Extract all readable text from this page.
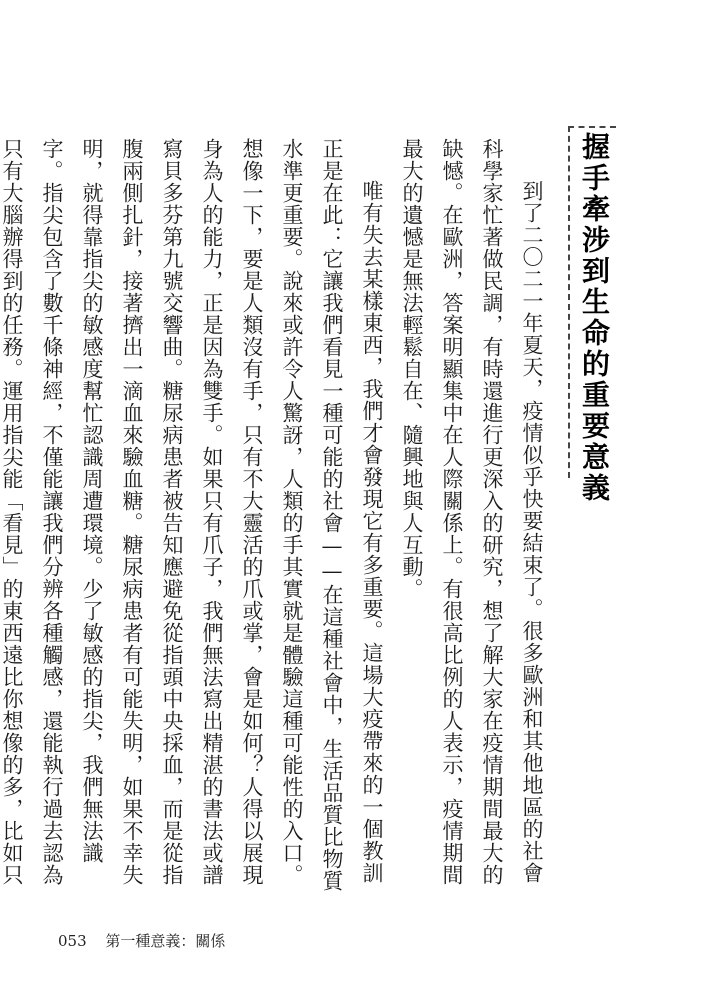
握手牽涉到生命的重要意義

到了二〇二一年夏天，疫情似乎快要結束了。很多歐洲和其他地區的社會科學家忙著做民調，有時還進行更深入的研究，想了解大家在疫情期間最大的缺憾。在歐洲，答案明顯集中在人際關係上。有很高比例的人表示，疫情期間最大的遺憾是無法輕鬆自在、隨興地與人互動。

唯有失去某樣東西，我們才會發現它有多重要。這場大疫帶來的一個教訓正是在此：它讓我們看見一種可能的社會——在這種社會中，生活品質比物質水準更重要。說來或許令人驚訝，人類的手其實就是體驗這種可能性的入口。想像一下，要是人類沒有手，只有不大靈活的爪或掌，會是如何？人得以展現身為人的能力，正是因為雙手。如果只有爪子，我們無法寫出精湛的書法或譜寫貝多芬第九號交響曲。糖尿病患者被告知應避免從指頭中央採血，而是從指腹兩側扎針，接著擠出一滴血來驗血糖。糖尿病患者有可能失明，如果不幸失明，就得靠指尖的敏感度幫忙認識周遭環境。少了敏感的指尖，我們無法識字。指尖包含了數千條神經，不僅能讓我們分辨各種觸感，還能執行過去認為只有大腦辦得到的任務。運用指尖能「看見」的東西遠比你想像的多，比如只

053 第一種意義：關係
